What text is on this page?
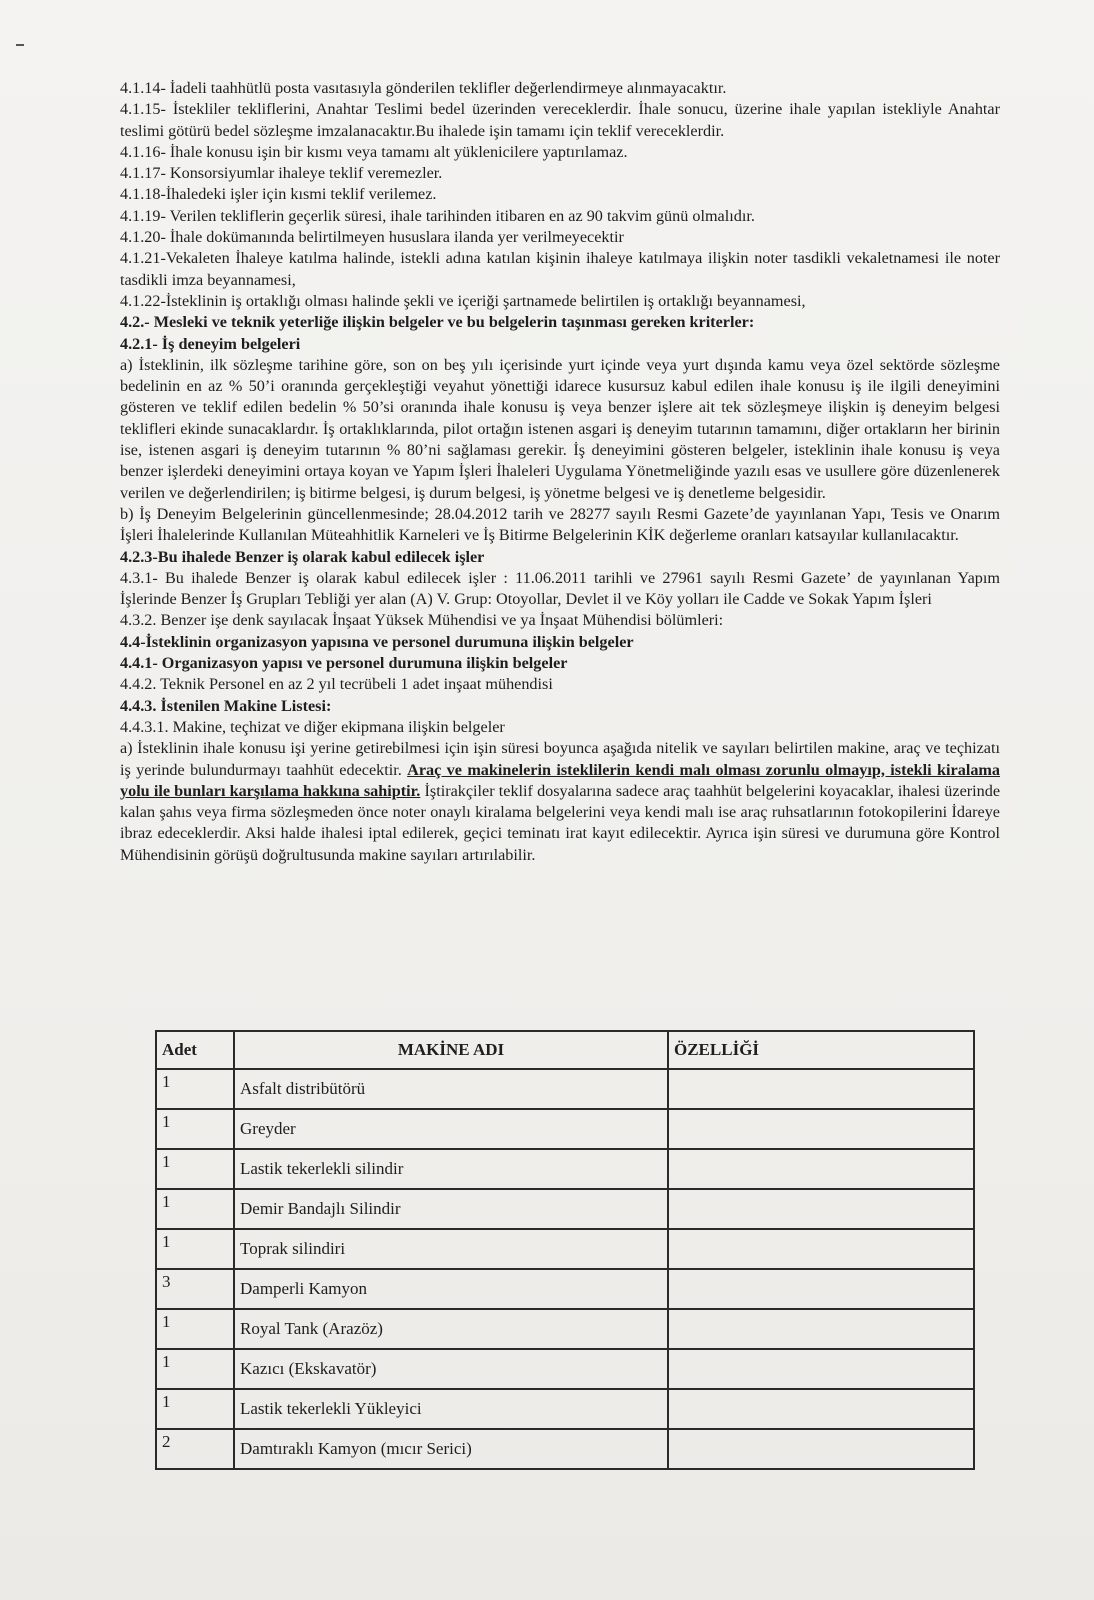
4.1.14- İadeli taahhütlü posta vasıtasıyla gönderilen teklifler değerlendirmeye alınmayacaktır.

4.1.15- İstekliler tekliflerini, Anahtar Teslimi bedel üzerinden vereceklerdir. İhale sonucu, üzerine ihale yapılan istekliyle Anahtar teslimi götürü bedel sözleşme imzalanacaktır.Bu ihalede işin tamamı için teklif vereceklerdir.

4.1.16- İhale konusu işin bir kısmı veya tamamı alt yüklenicilere yaptırılamaz.

4.1.17- Konsorsiyumlar ihaleye teklif veremezler.

4.1.18-İhaledeki işler için kısmi teklif verilemez.

4.1.19- Verilen tekliflerin geçerlik süresi, ihale tarihinden itibaren en az 90 takvim günü olmalıdır.

4.1.20- İhale dokümanında belirtilmeyen hususlara ilanda yer verilmeyecektir

4.1.21-Vekaleten İhaleye katılma halinde, istekli adına katılan kişinin ihaleye katılmaya ilişkin noter tasdikli vekaletnamesi ile noter tasdikli imza beyannamesi,

4.1.22-İsteklinin iş ortaklığı olması halinde şekli ve içeriği şartnamede belirtilen iş ortaklığı beyannamesi,

4.2.- Mesleki ve teknik yeterliğe ilişkin belgeler ve bu belgelerin taşınması gereken kriterler:

4.2.1- İş deneyim belgeleri

a) İsteklinin, ilk sözleşme tarihine göre, son on beş yılı içerisinde yurt içinde veya yurt dışında kamu veya özel sektörde sözleşme bedelinin en az % 50’i oranında gerçekleştiği veyahut yönettiği idarece kusursuz kabul edilen ihale konusu iş ile ilgili deneyimini gösteren ve teklif edilen bedelin % 50’si oranında ihale konusu iş veya benzer işlere ait tek sözleşmeye ilişkin iş deneyim belgesi teklifleri ekinde sunacaklardır. İş ortaklıklarında, pilot ortağın istenen asgari iş deneyim tutarının tamamını, diğer ortakların her birinin ise, istenen asgari iş deneyim tutarının % 80’ni sağlaması gerekir. İş deneyimini gösteren belgeler, isteklinin ihale konusu iş veya benzer işlerdeki deneyimini ortaya koyan ve Yapım İşleri İhaleleri Uygulama Yönetmeliğinde yazılı esas ve usullere göre düzenlenerek verilen ve değerlendirilen; iş bitirme belgesi, iş durum belgesi, iş yönetme belgesi ve iş denetleme belgesidir.

b) İş Deneyim Belgelerinin güncellenmesinde; 28.04.2012 tarih ve 28277 sayılı Resmi Gazete’de yayınlanan Yapı, Tesis ve Onarım İşleri İhalelerinde Kullanılan Müteahhitlik Karneleri ve İş Bitirme Belgelerinin KİK değerleme oranları katsayılar kullanılacaktır.

4.2.3-Bu ihalede Benzer iş olarak kabul edilecek işler

4.3.1- Bu ihalede Benzer iş olarak kabul edilecek işler : 11.06.2011 tarihli ve 27961 sayılı Resmi Gazete’ de yayınlanan Yapım İşlerinde Benzer İş Grupları Tebliği yer alan (A) V. Grup: Otoyollar, Devlet il ve Köy yolları ile Cadde ve Sokak Yapım İşleri

4.3.2. Benzer işe denk sayılacak İnşaat Yüksek Mühendisi ve ya İnşaat Mühendisi bölümleri:

4.4-İsteklinin organizasyon yapısına ve personel durumuna ilişkin belgeler

4.4.1- Organizasyon yapısı ve personel durumuna ilişkin belgeler

4.4.2. Teknik Personel en az 2 yıl tecrübeli 1 adet inşaat mühendisi

4.4.3. İstenilen Makine Listesi:

4.4.3.1. Makine, teçhizat ve diğer ekipmana ilişkin belgeler

a) İsteklinin ihale konusu işi yerine getirebilmesi için işin süresi boyunca aşağıda nitelik ve sayıları belirtilen makine, araç ve teçhizatı iş yerinde bulundurmayı taahhüt edecektir. Araç ve makinelerin isteklilerin kendi malı olması zorunlu olmayıp, istekli kiralama yolu ile bunları karşılama hakkına sahiptir. İştirakçiler teklif dosyalarına sadece araç taahhüt belgelerini koyacaklar, ihalesi üzerinde kalan şahıs veya firma sözleşmeden önce noter onaylı kiralama belgelerini veya kendi malı ise araç ruhsatlarının fotokopilerini İdareye ibraz edeceklerdir. Aksi halde ihalesi iptal edilerek, geçici teminatı irat kayıt edilecektir. Ayrıca işin süresi ve durumuna göre Kontrol Mühendisinin görüşü doğrultusunda makine sayıları artırılabilir.

Adet	MAKİNE ADI	ÖZELLİĞİ
1	Asfalt distribütörü	
1	Greyder	
1	Lastik tekerlekli silindir	
1	Demir Bandajlı Silindir	
1	Toprak silindiri	
3	Damperli Kamyon	
1	Royal Tank (Arazöz)	
1	Kazıcı (Ekskavatör)	
1	Lastik tekerlekli Yükleyici	
2	Damtıraklı Kamyon (mıcır Serici)	
